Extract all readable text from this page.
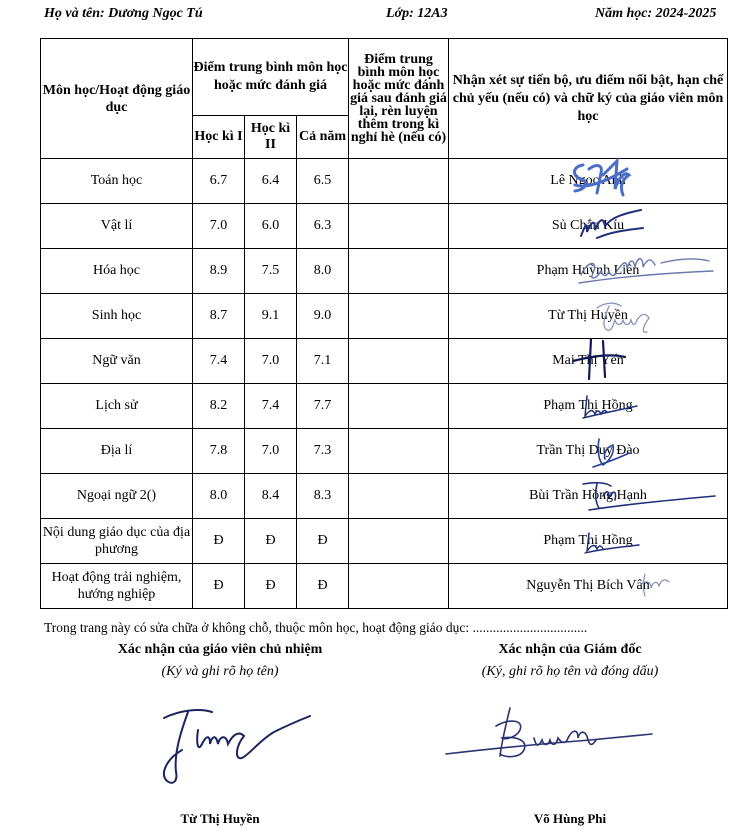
Họ và tên: Dương Ngọc Tú	Lớp: 12A3	Năm học: 2024-2025
Môn học/Hoạt động giáo dục	Điểm trung bình môn học hoặc mức đánh giá			Điểm trung bình môn học hoặc mức đánh giá sau đánh giá lại, rèn luyện thêm trong kì nghỉ hè (nếu có)	Nhận xét sự tiến bộ, ưu điểm nổi bật, hạn chế chủ yếu (nếu có) và chữ ký của giáo viên môn học
	Học kì I	Học kì II	Cả năm		
Toán học	6.7	6.4	6.5		Lê Ngọc Anh

Vật lí	7.0	6.0	6.3		Sủ Chắn Kíu

Hóa học	8.9	7.5	8.0		Phạm Huỳnh Liên

Sinh học	8.7	9.1	9.0		Từ Thị Huyền

Ngữ văn	7.4	7.0	7.1		Mai Thị Yến

Lịch sử	8.2	7.4	7.7		Phạm Thị Hồng

Địa lí	7.8	7.0	7.3		Trần Thị Duy Đào

Ngoại ngữ 2()	8.0	8.4	8.3		Bùi Trần Hồng Hạnh

Nội dung giáo dục của địa phương	Đ	Đ	Đ		Phạm Thị Hồng

Hoạt động trải nghiệm, hướng nghiệp	Đ	Đ	Đ		Nguyễn Thị Bích Vân
Trong trang này có sửa chữa ở không chỗ, thuộc môn học, hoạt động giáo dục: ..................................
Xác nhận của giáo viên chủ nhiệm
(Ký và ghi rõ họ tên)
Xác nhận của Giám đốc
(Ký, ghi rõ họ tên và đóng dấu)
Từ Thị Huyền	Võ Hùng Phi
